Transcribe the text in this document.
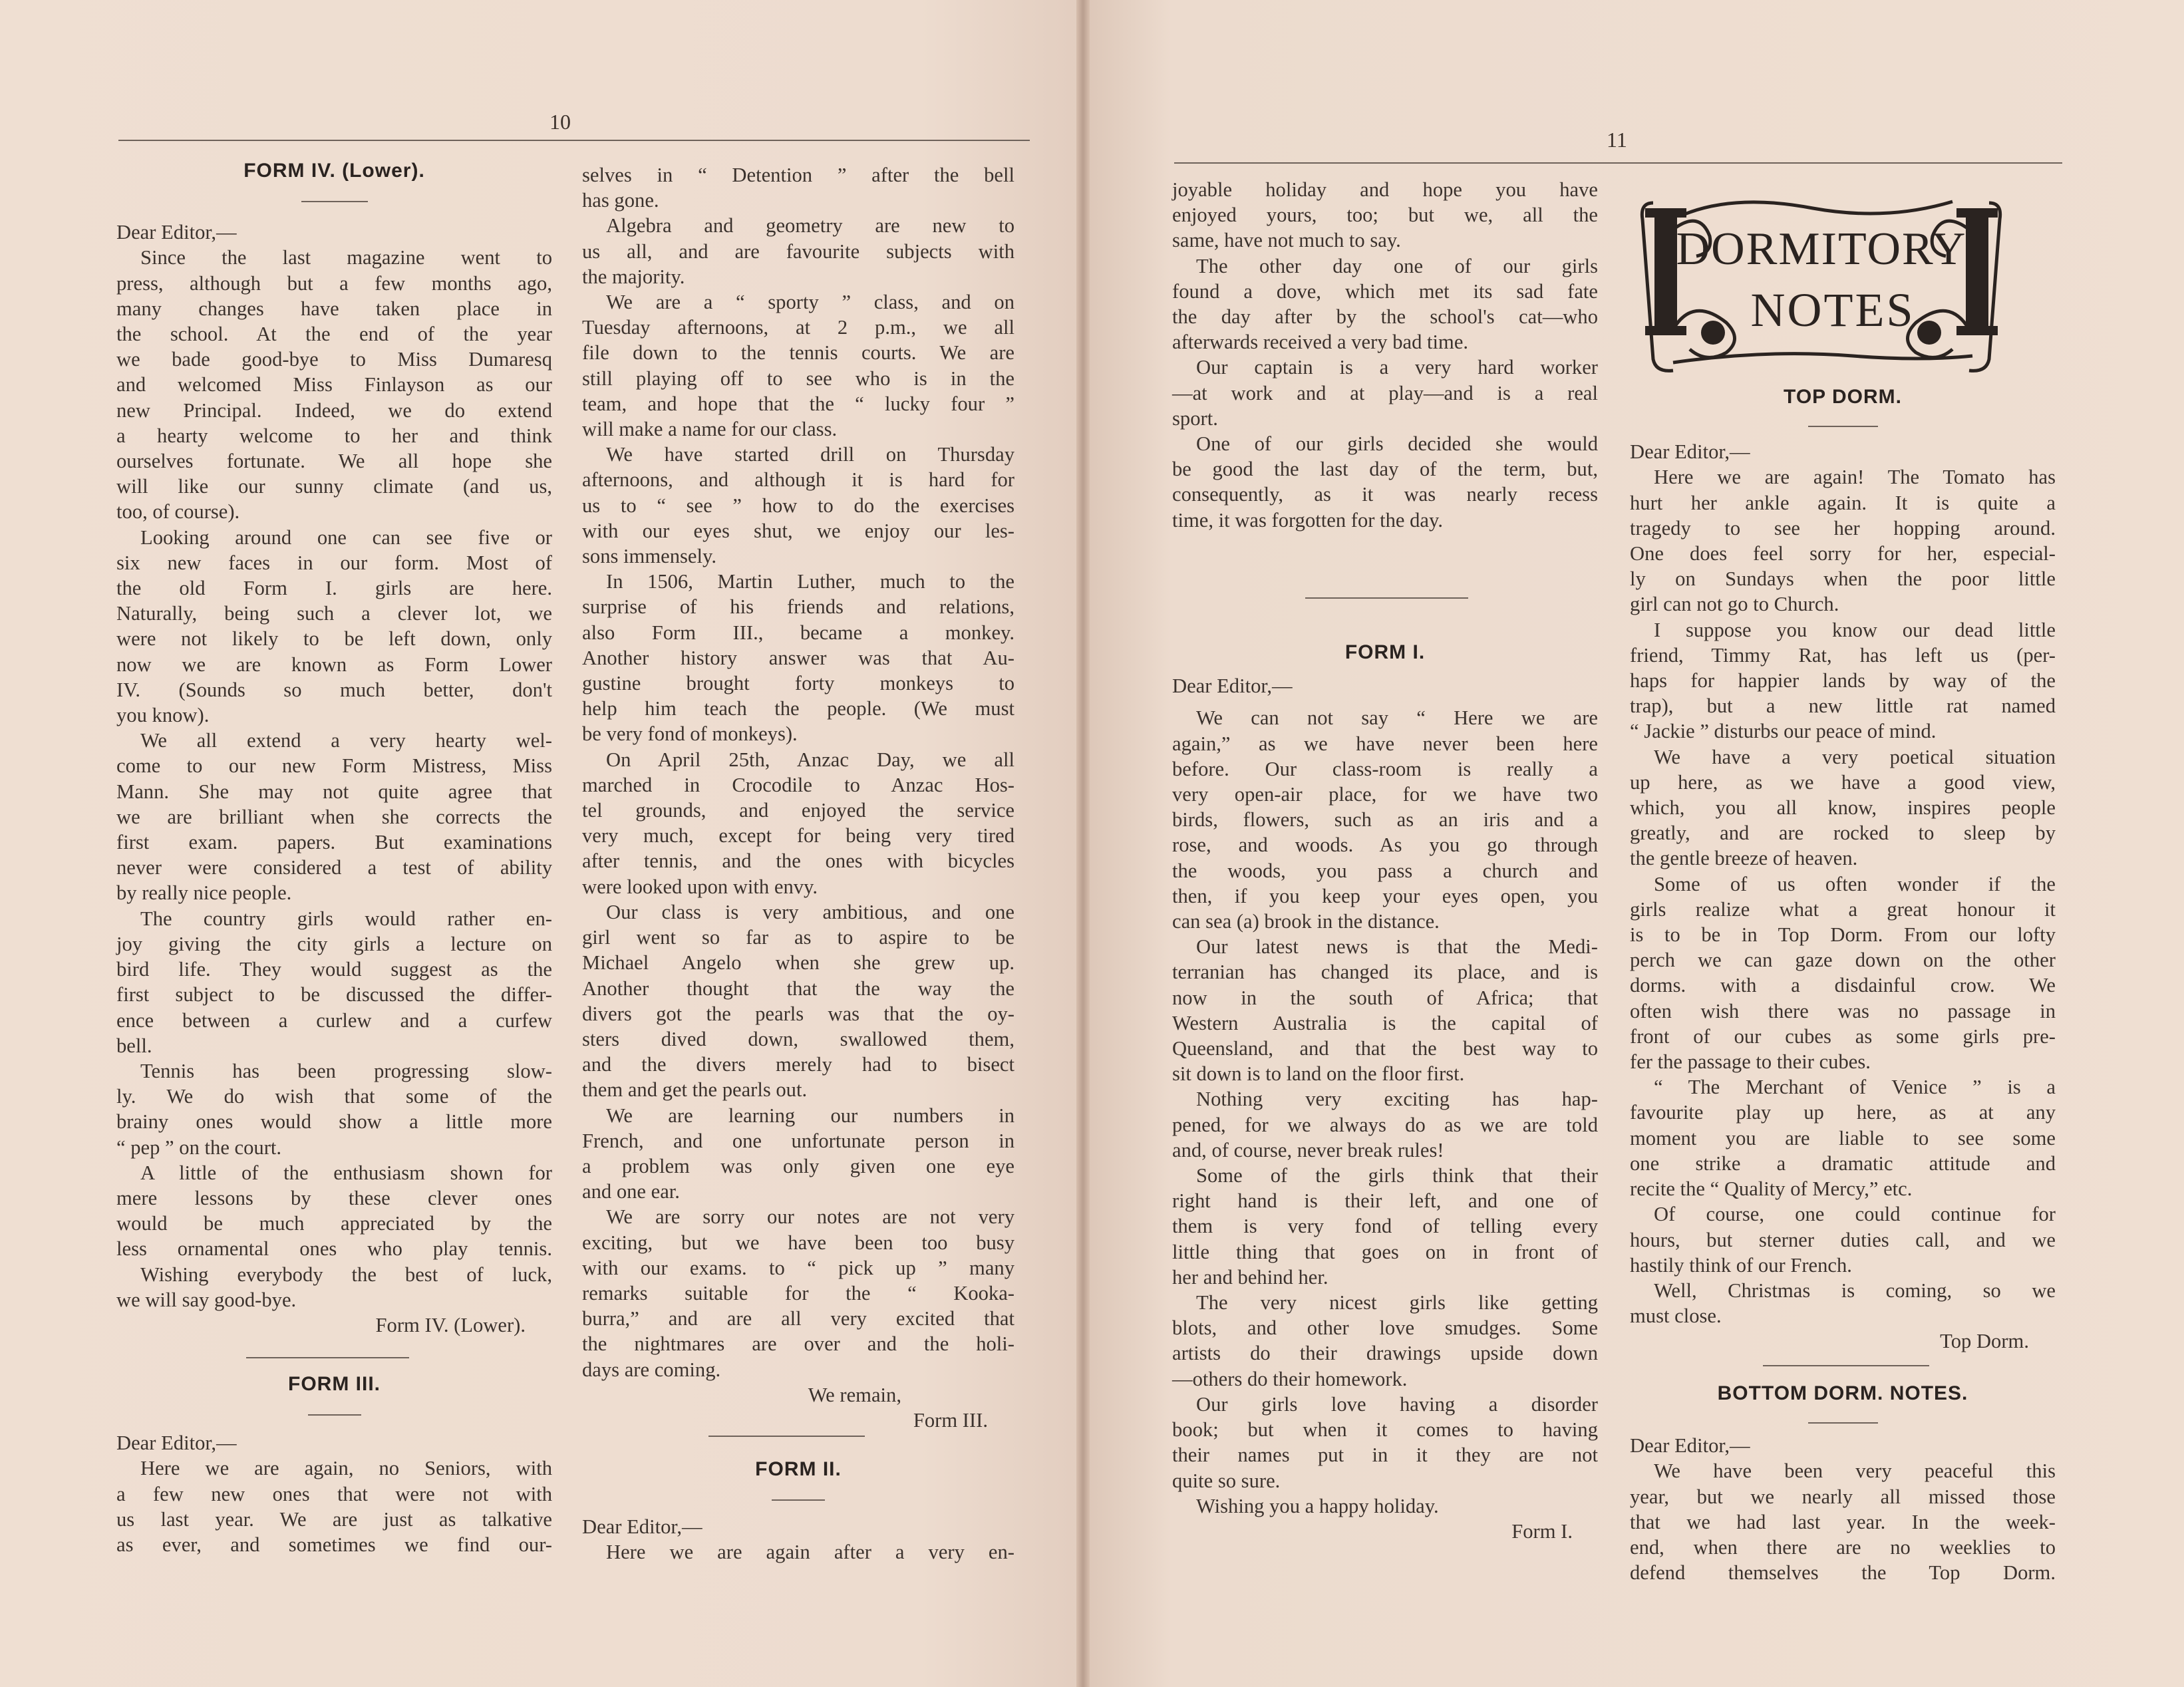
10
11

FORM IV. (Lower).

Dear Editor,—

Since the last magazine went to

press, although but a few months ago,

many changes have taken place in

the school. At the end of the year

we bade good-bye to Miss Dumaresq

and welcomed Miss Finlayson as our

new Principal. Indeed, we do extend

a hearty welcome to her and think

ourselves fortunate. We all hope she

will like our sunny climate (and us,

too, of course).

Looking around one can see five or

six new faces in our form. Most of

the old Form I. girls are here.

Naturally, being such a clever lot, we

were not likely to be left down, only

now we are known as Form Lower

IV. (Sounds so much better, don't

you know).

We all extend a very hearty wel-

come to our new Form Mistress, Miss

Mann. She may not quite agree that

we are brilliant when she corrects the

first exam. papers. But examinations

never were considered a test of ability

by really nice people.

The country girls would rather en-

joy giving the city girls a lecture on

bird life. They would suggest as the

first subject to be discussed the differ-

ence between a curlew and a curfew

bell.

Tennis has been progressing slow-

ly. We do wish that some of the

brainy ones would show a little more

“ pep ” on the court.

A little of the enthusiasm shown for

mere lessons by these clever ones

would be much appreciated by the

less ornamental ones who play tennis.

Wishing everybody the best of luck,

we will say good-bye.

Form IV. (Lower).

FORM III.

Dear Editor,—

Here we are again, no Seniors, with

a few new ones that were not with

us last year. We are just as talkative

as ever, and sometimes we find our-

selves in “ Detention ” after the bell

has gone.

Algebra and geometry are new to

us all, and are favourite subjects with

the majority.

We are a “ sporty ” class, and on

Tuesday afternoons, at 2 p.m., we all

file down to the tennis courts. We are

still playing off to see who is in the

team, and hope that the “ lucky four ”

will make a name for our class.

We have started drill on Thursday

afternoons, and although it is hard for

us to “ see ” how to do the exercises

with our eyes shut, we enjoy our les-

sons immensely.

In 1506, Martin Luther, much to the

surprise of his friends and relations,

also Form III., became a monkey.

Another history answer was that Au-

gustine brought forty monkeys to

help him teach the people. (We must

be very fond of monkeys).

On April 25th, Anzac Day, we all

marched in Crocodile to Anzac Hos-

tel grounds, and enjoyed the service

very much, except for being very tired

after tennis, and the ones with bicycles

were looked upon with envy.

Our class is very ambitious, and one

girl went so far as to aspire to be

Michael Angelo when she grew up.

Another thought that the way the

divers got the pearls was that the oy-

sters dived down, swallowed them,

and the divers merely had to bisect

them and get the pearls out.

We are learning our numbers in

French, and one unfortunate person in

a problem was only given one eye

and one ear.

We are sorry our notes are not very

exciting, but we have been too busy

with our exams. to “ pick up ” many

remarks suitable for the “ Kooka-

burra,” and are all very excited that

the nightmares are over and the holi-

days are coming.

We remain,

Form III.

FORM II.

Dear Editor,—

Here we are again after a very en-

joyable holiday and hope you have

enjoyed yours, too; but we, all the

same, have not much to say.

The other day one of our girls

found a dove, which met its sad fate

the day after by the school's cat—who

afterwards received a very bad time.

Our captain is a very hard worker

—at work and at play—and is a real

sport.

One of our girls decided she would

be good the last day of the term, but,

consequently, as it was nearly recess

time, it was forgotten for the day.

FORM I.

Dear Editor,—

We can not say “ Here we are

again,” as we have never been here

before. Our class-room is really a

very open-air place, for we have two

birds, flowers, such as an iris and a

rose, and woods. As you go through

the woods, you pass a church and

then, if you keep your eyes open, you

can sea (a) brook in the distance.

Our latest news is that the Medi-

terranian has changed its place, and is

now in the south of Africa; that

Western Australia is the capital of

Queensland, and that the best way to

sit down is to land on the floor first.

Nothing very exciting has hap-

pened, for we always do as we are told

and, of course, never break rules!

Some of the girls think that their

right hand is their left, and one of

them is very fond of telling every

little thing that goes on in front of

her and behind her.

The very nicest girls like getting

blots, and other love smudges. Some

artists do their drawings upside down

—others do their homework.

Our girls love having a disorder

book; but when it comes to having

their names put in it they are not

quite so sure.

Wishing you a happy holiday.

Form I.

DORMITORY
NOTES

TOP DORM.

Dear Editor,—

Here we are again! The Tomato has

hurt her ankle again. It is quite a

tragedy to see her hopping around.

One does feel sorry for her, especial-

ly on Sundays when the poor little

girl can not go to Church.

I suppose you know our dead little

friend, Timmy Rat, has left us (per-

haps for happier lands by way of the

trap), but a new little rat named

“ Jackie ” disturbs our peace of mind.

We have a very poetical situation

up here, as we have a good view,

which, you all know, inspires people

greatly, and are rocked to sleep by

the gentle breeze of heaven.

Some of us often wonder if the

girls realize what a great honour it

is to be in Top Dorm. From our lofty

perch we can gaze down on the other

dorms. with a disdainful crow. We

often wish there was no passage in

front of our cubes as some girls pre-

fer the passage to their cubes.

“ The Merchant of Venice ” is a

favourite play up here, as at any

moment you are liable to see some

one strike a dramatic attitude and

recite the “ Quality of Mercy,” etc.

Of course, one could continue for

hours, but sterner duties call, and we

hastily think of our French.

Well, Christmas is coming, so we

must close.

Top Dorm.

BOTTOM DORM. NOTES.

Dear Editor,—

We have been very peaceful this

year, but we nearly all missed those

that we had last year. In the week-

end, when there are no weeklies to

defend themselves the Top Dorm.
